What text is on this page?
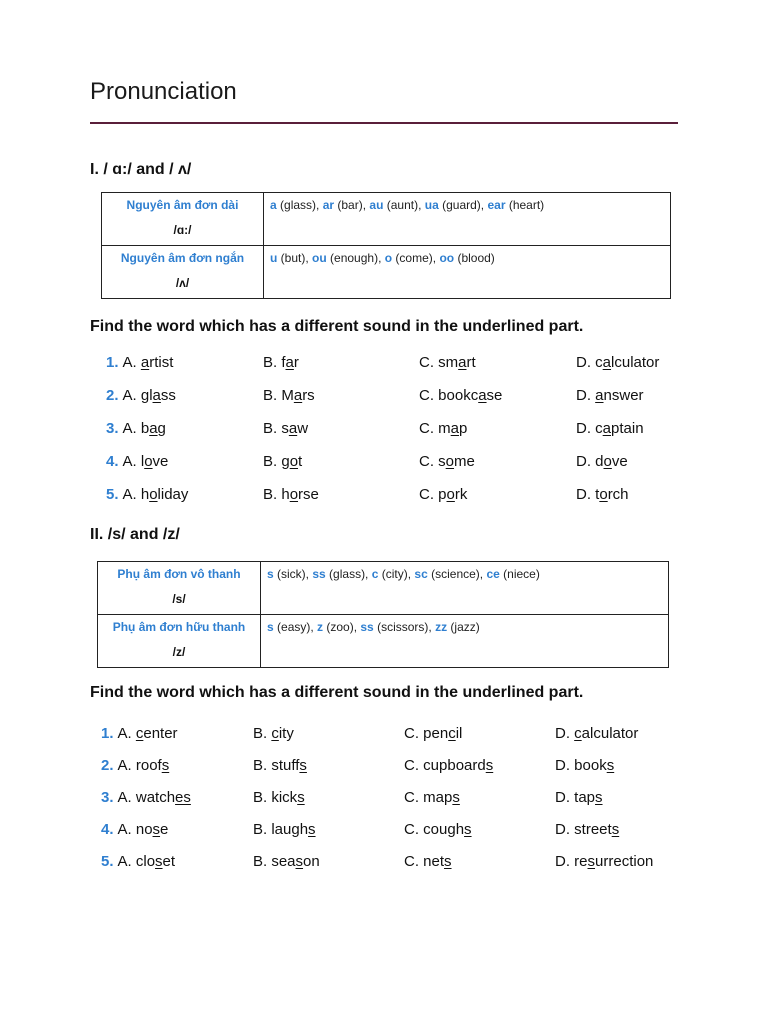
Pronunciation
I. / ɑ:/ and / ʌ/
Nguyên âm đơn dài
/ɑ:/	a (glass), ar (bar), au (aunt), ua (guard), ear (heart)

Nguyên âm đơn ngắn
/ʌ/	u (but), ou (enough), o (come), oo (blood)
Find the word which has a different sound in the underlined part.
1. A. artist	B. far	C. smart	D. calculator
2. A. glass	B. Mars	C. bookcase	D. answer
3. A. bag	B. saw	C. map	D. captain
4. A. love	B. got	C. some	D. dove
5. A. holiday	B. horse	C. pork	D. torch
II. /s/ and /z/
Phụ âm đơn vô thanh
/s/	s (sick), ss (glass), c (city), sc (science), ce (niece)

Phụ âm đơn hữu thanh
/z/	s (easy), z (zoo), ss (scissors), zz (jazz)
Find the word which has a different sound in the underlined part.
1. A. center	B. city	C. pencil	D. calculator
2. A. roofs	B. stuffs	C. cupboards	D. books
3. A. watches	B. kicks	C. maps	D. taps
4. A. nose	B. laughs	C. coughs	D. streets
5. A. closet	B. season	C. nets	D. resurrection
